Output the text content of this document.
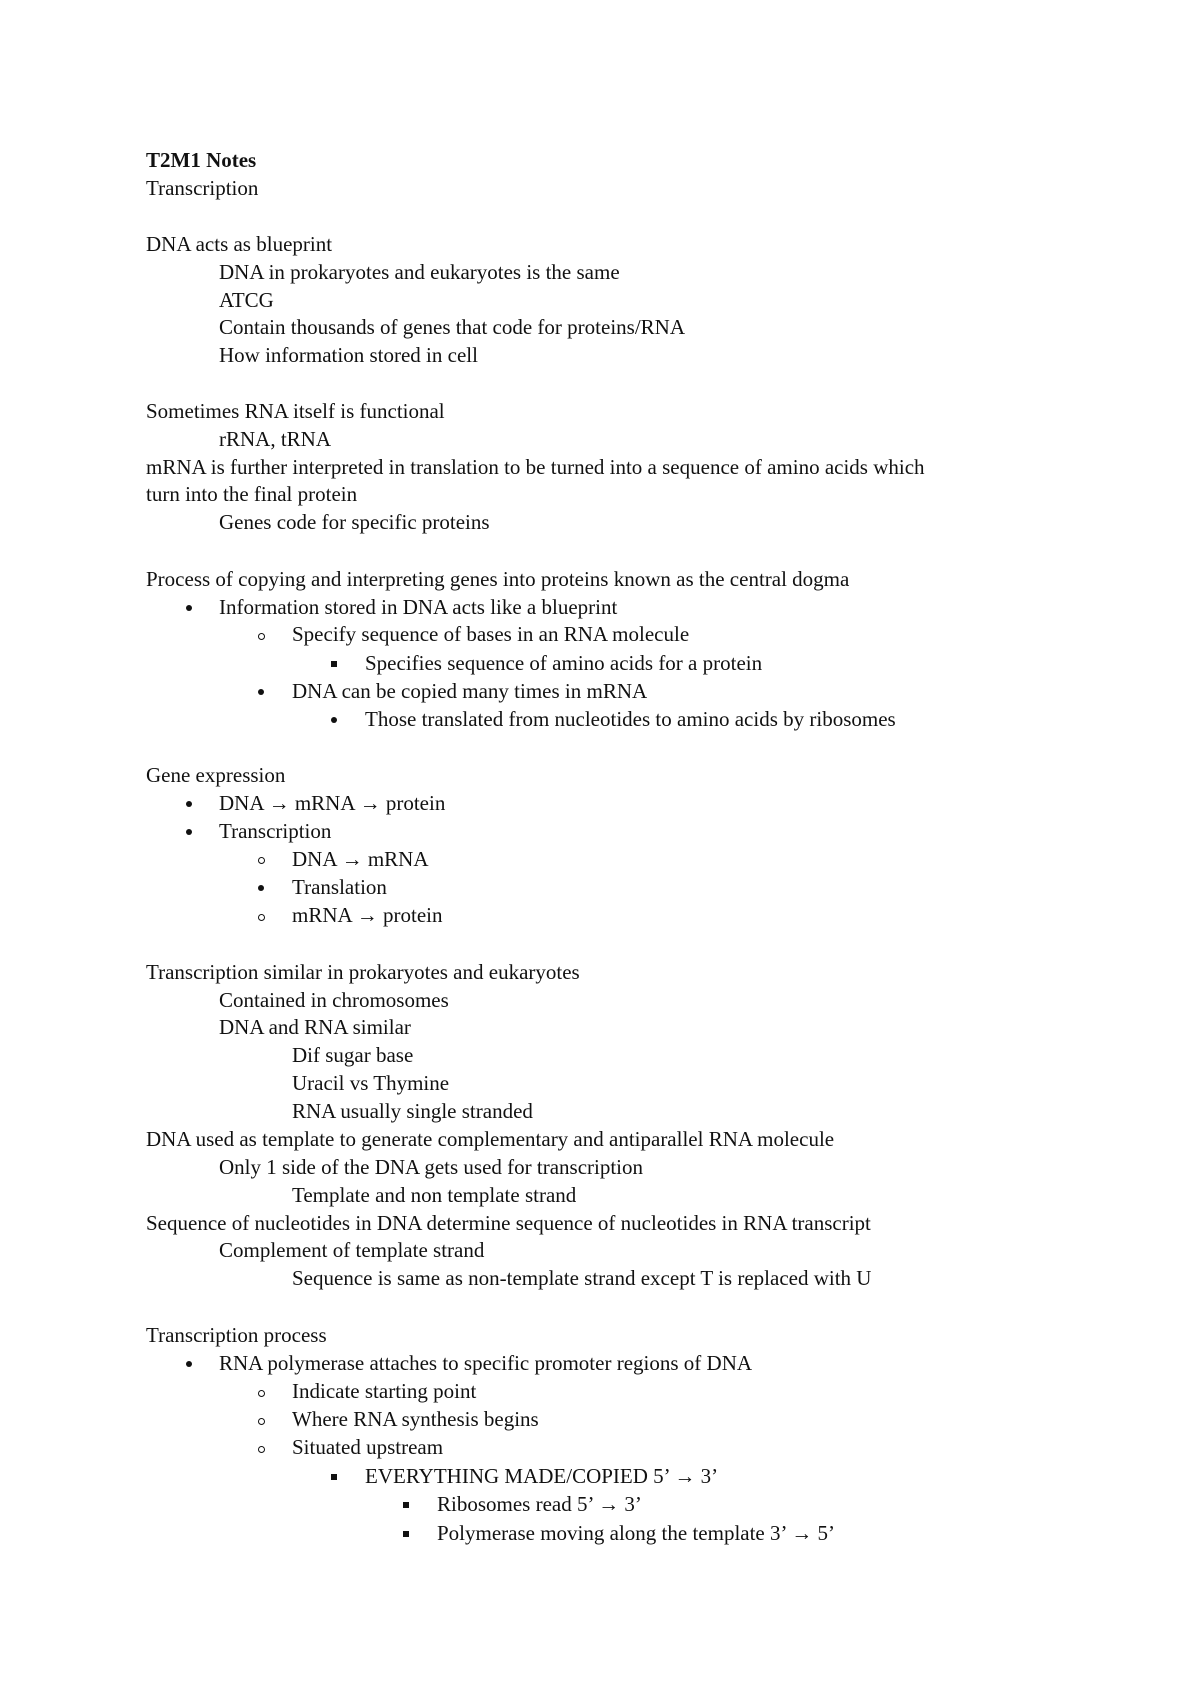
T2M1 Notes
Transcription
DNA acts as blueprint
DNA in prokaryotes and eukaryotes is the same
ATCG
Contain thousands of genes that code for proteins/RNA
How information stored in cell
Sometimes RNA itself is functional
rRNA, tRNA
mRNA is further interpreted in translation to be turned into a sequence of amino acids which
turn into the final protein
Genes code for specific proteins
Process of copying and interpreting genes into proteins known as the central dogma
Information stored in DNA acts like a blueprint
Specify sequence of bases in an RNA molecule
Specifies sequence of amino acids for a protein
DNA can be copied many times in mRNA
Those translated from nucleotides to amino acids by ribosomes
Gene expression
DNA → mRNA → protein
Transcription
DNA → mRNA
Translation
mRNA → protein
Transcription similar in prokaryotes and eukaryotes
Contained in chromosomes
DNA and RNA similar
Dif sugar base
Uracil vs Thymine
RNA usually single stranded
DNA used as template to generate complementary and antiparallel RNA molecule
Only 1 side of the DNA gets used for transcription
Template and non template strand
Sequence of nucleotides in DNA determine sequence of nucleotides in RNA transcript
Complement of template strand
Sequence is same as non-template strand except T is replaced with U
Transcription process
RNA polymerase attaches to specific promoter regions of DNA
Indicate starting point
Where RNA synthesis begins
Situated upstream
EVERYTHING MADE/COPIED 5’ → 3’
Ribosomes read 5’ → 3’
Polymerase moving along the template 3’ → 5’
